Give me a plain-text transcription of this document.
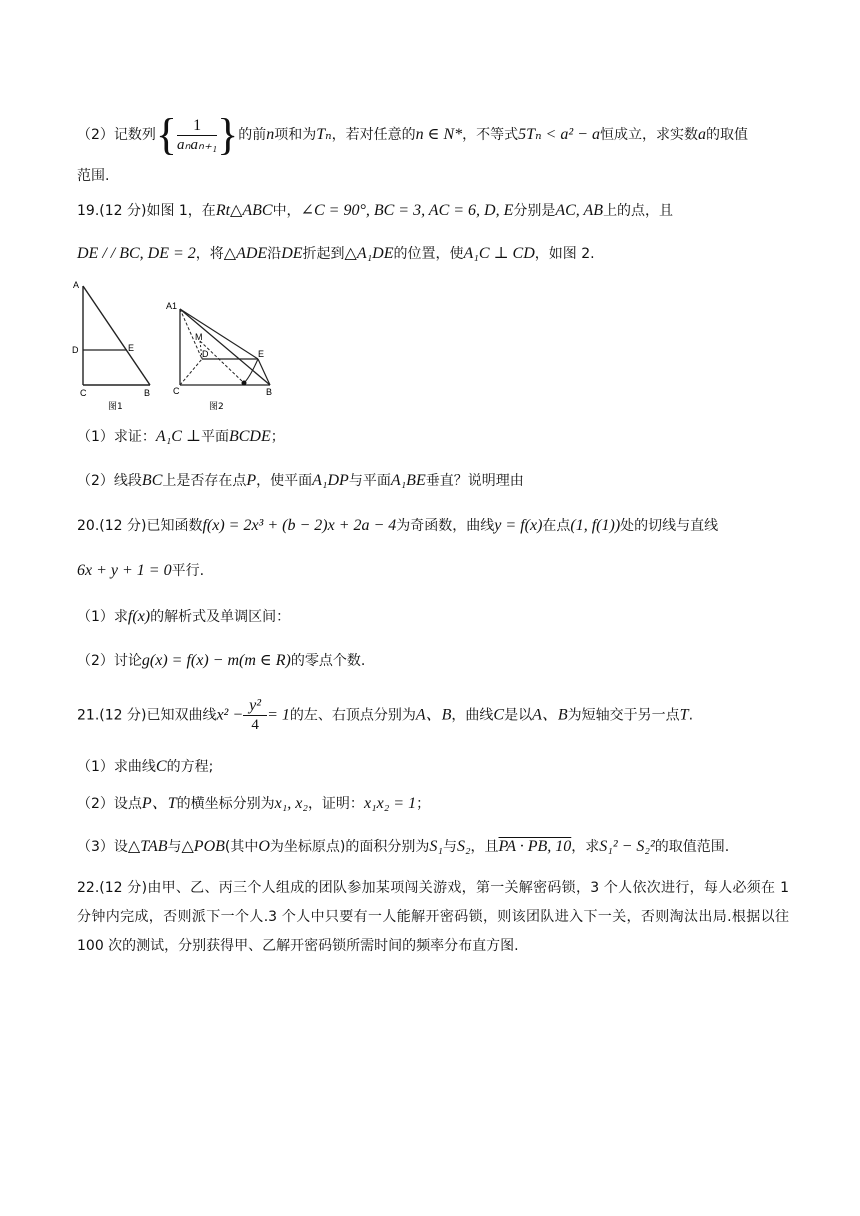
（2）记数列{ $\frac{1}{\text{aₙaₙ₊₁}}$ }的前n项和为Tₙ，若对任意的n ∈ N*，不等式5Tₙ < a² − a恒成立，求实数a的取值
范围.
19.(12 分)如图 1，在Rt△ABC中，∠C = 90°, BC = 3, AC = 6, D, E分别是AC, AB上的点，且
DE / / BC, DE = 2，将△ADE沿DE折起到△A₁DE的位置，使A₁C ⊥ CD，如图 2.
A
D	E
C	B
图1
A1
M
D	E
C	B
图2
（1）求证：A₁C ⊥平面BCDE；
（2）线段BC上是否存在点P，使平面A₁DP与平面A₁BE垂直？说明理由
20.(12 分)已知函数f(x) = 2x³ + (b − 2)x + 2a − 4为奇函数，曲线y = f(x)在点(1, f(1))处的切线与直线
6x + y + 1 = 0平行.
（1）求f(x)的解析式及单调区间：
（2）讨论g(x) = f(x) − m(m ∈ R)的零点个数.
21.(12 分)已知双曲线$x^2 - \frac{\text{y²}}{4} = 1$的左、右顶点分别为A、B，曲线C是以A、B为短轴交于另一点T.
（1）求曲线C的方程;
（2）设点P、T的横坐标分别为x₁, x₂，证明：x₁x₂ = 1；
（3）设△TAB与△POB(其中O为坐标原点)的面积分别为S₁与S₂，且PA · PB, 10，求S₁² − S₂²的取值范围.
22.(12 分)由甲、乙、丙三个人组成的团队参加某项闯关游戏，第一关解密码锁，3 个人依次进行，每人必须在 1 分钟内完成，否则派下一个人.3 个人中只要有一人能解开密码锁，则该团队进入下一关，否则淘汰出局.根据以往 100 次的测试，分别获得甲、乙解开密码锁所需时间的频率分布直方图.
